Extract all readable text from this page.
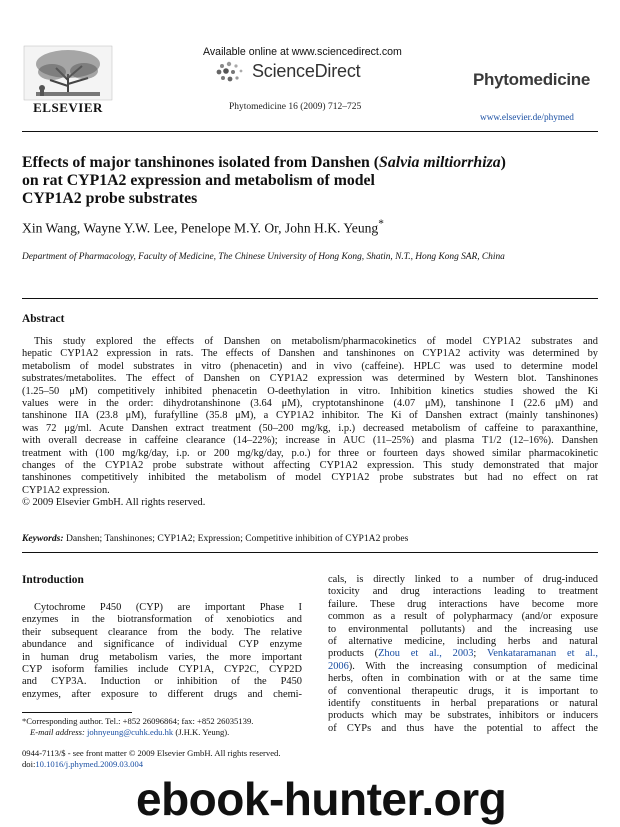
ELSEVIER
Available online at www.sciencedirect.com
ScienceDirect
Phytomedicine 16 (2009) 712–725
Phytomedicine
www.elsevier.de/phymed
Effects of major tanshinones isolated from Danshen (Salvia miltiorrhiza)
on rat CYP1A2 expression and metabolism of model
CYP1A2 probe substrates
Xin Wang, Wayne Y.W. Lee, Penelope M.Y. Or, John H.K. Yeung*
Department of Pharmacology, Faculty of Medicine, The Chinese University of Hong Kong, Shatin, N.T., Hong Kong SAR, China
Abstract
This study explored the effects of Danshen on metabolism/pharmacokinetics of model CYP1A2 substrates and
hepatic CYP1A2 expression in rats. The effects of Danshen and tanshinones on CYP1A2 activity was determined by
metabolism of model substrates in vitro (phenacetin) and in vivo (caffeine). HPLC was used to determine model
substrates/metabolites. The effect of Danshen on CYP1A2 expression was determined by Western blot. Tanshinones
(1.25–50 μM) competitively inhibited phenacetin O-deethylation in vitro. Inhibition kinetics studies showed the Ki
values were in the order: dihydrotanshinone (3.64 μM), cryptotanshinone (4.07 μM), tanshinone I (22.6 μM) and
tanshinone IIA (23.8 μM), furafylline (35.8 μM), a CYP1A2 inhibitor. The Ki of Danshen extract (mainly tanshinones)
was 72 μg/ml. Acute Danshen extract treatment (50–200 mg/kg, i.p.) decreased metabolism of caffeine to paraxanthine,
with overall decrease in caffeine clearance (14–22%); increase in AUC (11–25%) and plasma T1/2 (12–16%). Danshen
treatment with (100 mg/kg/day, i.p. or 200 mg/kg/day, p.o.) for three or fourteen days showed similar pharmacokinetic
changes of the CYP1A2 probe substrate without affecting CYP1A2 expression. This study demonstrated that major
tanshinones competitively inhibited the metabolism of model CYP1A2 probe substrates but had no effect on rat
CYP1A2 expression.
© 2009 Elsevier GmbH. All rights reserved.
Keywords: Danshen; Tanshinones; CYP1A2; Expression; Competitive inhibition of CYP1A2 probes
Introduction
Cytochrome P450 (CYP) are important Phase I
enzymes in the biotransformation of xenobiotics and
their subsequent clearance from the body. The relative
abundance and significance of individual CYP enzyme
in human drug metabolism varies, the more important
CYP isoform families include CYP1A, CYP2C, CYP2D
and CYP3A. Induction or inhibition of the P450
enzymes, after exposure to different drugs and chemi-
cals, is directly linked to a number of drug-induced
toxicity and drug interactions leading to treatment
failure. These drug interactions have become more
common as a result of polypharmacy (and/or exposure
to environmental pollutants) and the increasing use
of alternative medicine, including herbs and natural
products (Zhou et al., 2003; Venkataramanan et al.,
2006). With the increasing consumption of medicinal
herbs, often in combination with or at the same time
of conventional therapeutic drugs, it is important to
identify constituents in herbal preparations or natural
products which may be substrates, inhibitors or inducers
of CYPs and thus have the potential to affect the
*Corresponding author. Tel.: +852 26096864; fax: +852 26035139.
E-mail address: johnyeung@cuhk.edu.hk (J.H.K. Yeung).
0944-7113/$ - see front matter © 2009 Elsevier GmbH. All rights reserved.
doi:10.1016/j.phymed.2009.03.004
ebook-hunter.org
